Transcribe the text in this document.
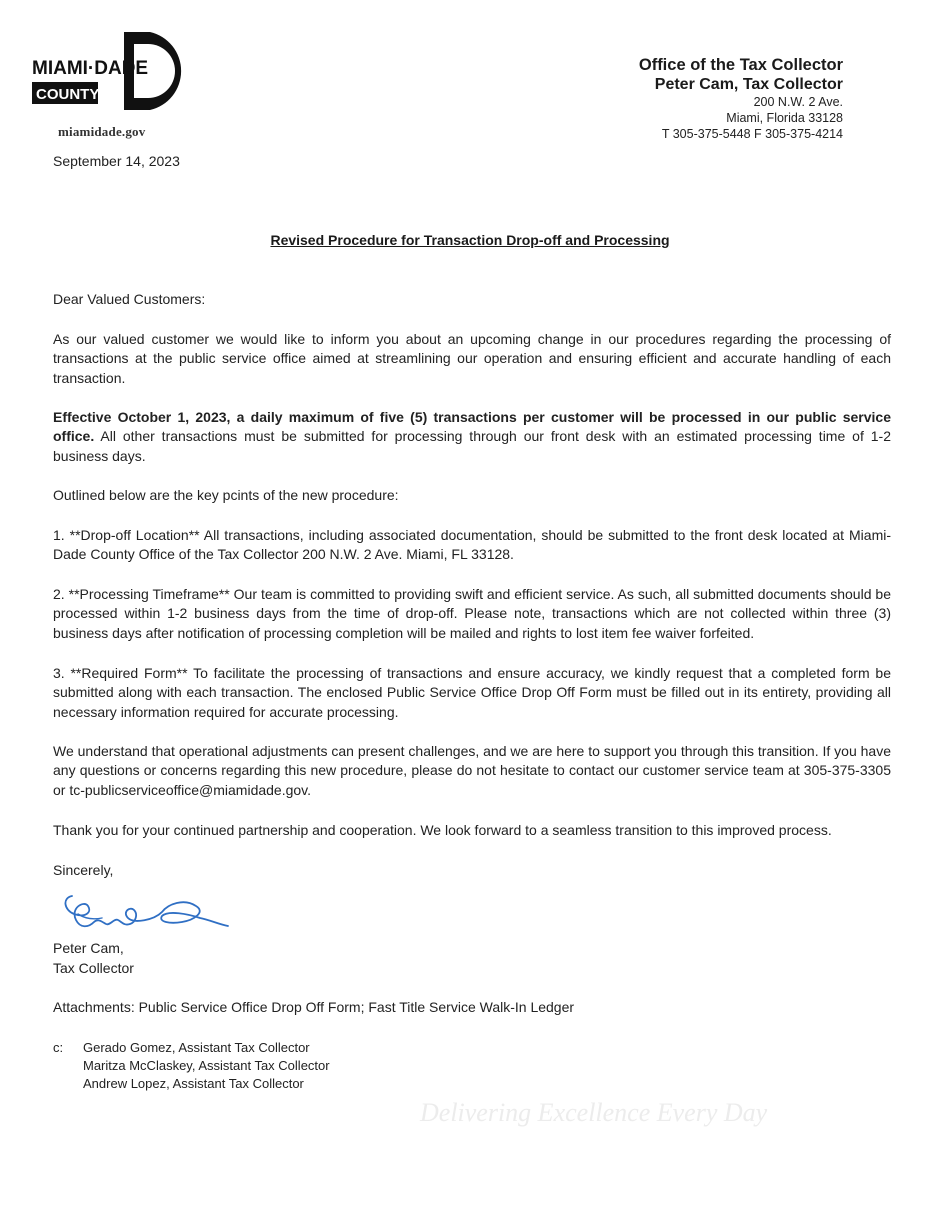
MIAMI·DADE
COUNTY
miamidade.gov
Office of the Tax Collector
Peter Cam, Tax Collector
200 N.W. 2 Ave.
Miami, Florida 33128
T 305-375-5448 F 305-375-4214
September 14, 2023
Revised Procedure for Transaction Drop-off and Processing
Dear Valued Customers:
As our valued customer we would like to inform you about an upcoming change in our procedures regarding the processing of transactions at the public service office aimed at streamlining our operation and ensuring efficient and accurate handling of each transaction.
Effective October 1, 2023, a daily maximum of five (5) transactions per customer will be processed in our public service office. All other transactions must be submitted for processing through our front desk with an estimated processing time of 1-2 business days.
Outlined below are the key pcints of the new procedure:
1. **Drop-off Location** All transactions, including associated documentation, should be submitted to the front desk located at Miami-Dade County Office of the Tax Collector 200 N.W. 2 Ave. Miami, FL 33128.
2. **Processing Timeframe** Our team is committed to providing swift and efficient service. As such, all submitted documents should be processed within 1-2 business days from the time of drop-off. Please note, transactions which are not collected within three (3) business days after notification of processing completion will be mailed and rights to lost item fee waiver forfeited.
3. **Required Form** To facilitate the processing of transactions and ensure accuracy, we kindly request that a completed form be submitted along with each transaction. The enclosed Public Service Office Drop Off Form must be filled out in its entirety, providing all necessary information required for accurate processing.
We understand that operational adjustments can present challenges, and we are here to support you through this transition. If you have any questions or concerns regarding this new procedure, please do not hesitate to contact our customer service team at 305-375-3305 or tc-publicserviceoffice@miamidade.gov.
Thank you for your continued partnership and cooperation. We look forward to a seamless transition to this improved process.
Sincerely,
Peter Cam,
Tax Collector
Attachments: Public Service Office Drop Off Form; Fast Title Service Walk-In Ledger
c: Gerado Gomez, Assistant Tax Collector
Maritza McClaskey, Assistant Tax Collector
Andrew Lopez, Assistant Tax Collector
Delivering Excellence Every Day
